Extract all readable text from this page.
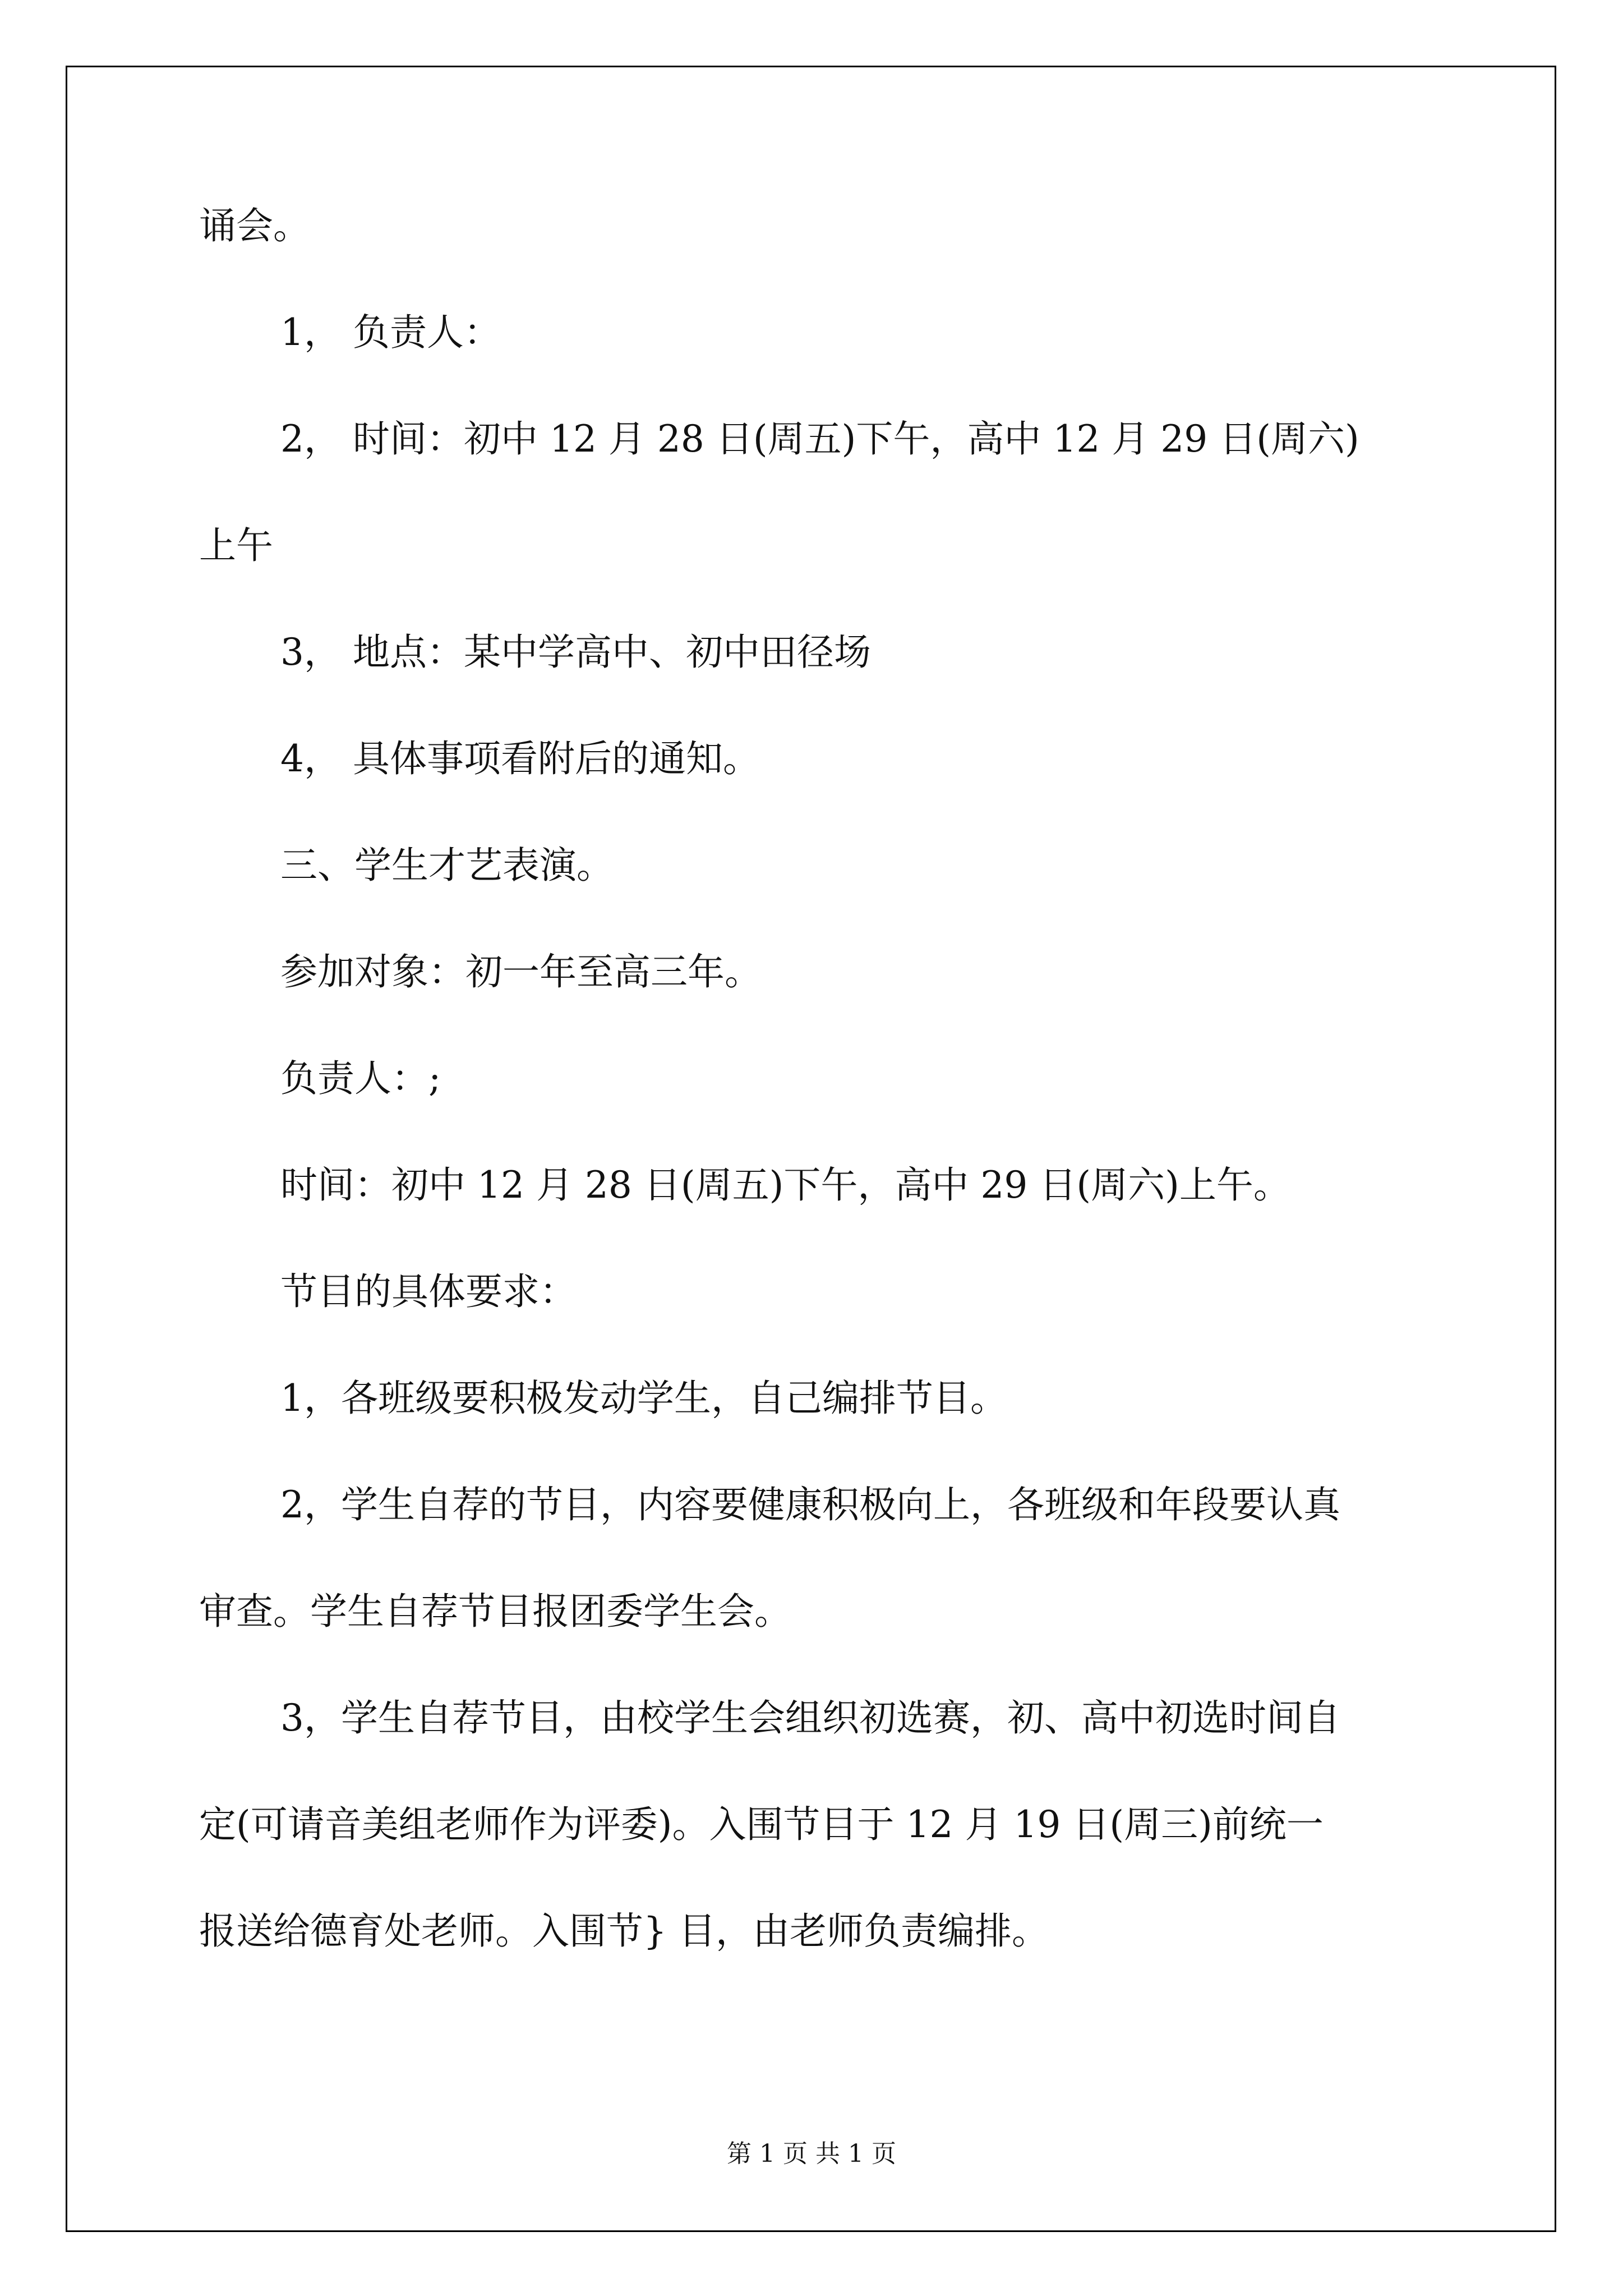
诵会。
1， 负责人：
2， 时间：初中 12 月 28 日(周五)下午，高中 12 月 29 日(周六)
上午
3， 地点：某中学高中、初中田径场
4， 具体事项看附后的通知。
三、学生才艺表演。
参加对象：初一年至高三年。
负责人：;
时间：初中 12 月 28 日(周五)下午，高中 29 日(周六)上午。
节目的具体要求：
1，各班级要积极发动学生，自己编排节目。
2，学生自荐的节目，内容要健康积极向上，各班级和年段要认真
审查。学生自荐节目报团委学生会。
3，学生自荐节目，由校学生会组织初选赛，初、高中初选时间自
定(可请音美组老师作为评委)。入围节目于 12 月 19 日(周三)前统一
报送给德育处老师。入围节} 目，由老师负责编排。
第 1 页 共 1 页
